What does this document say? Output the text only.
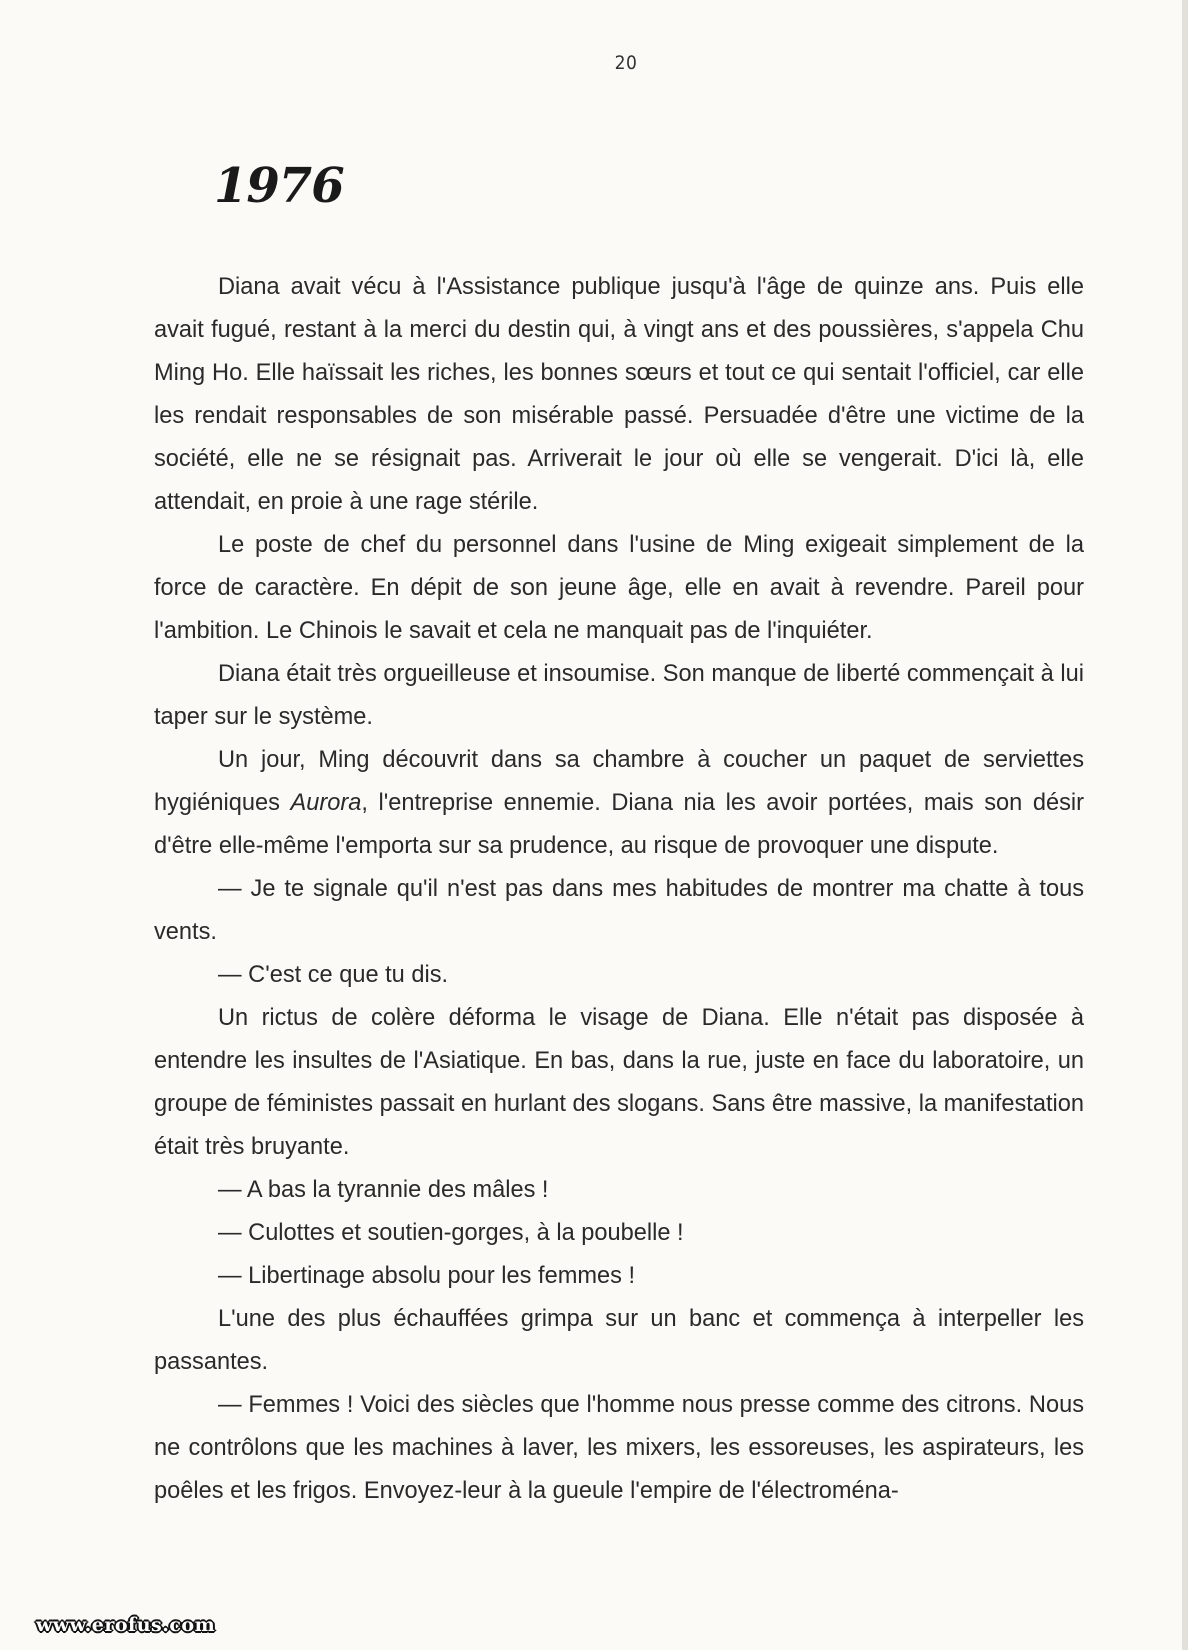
20
1976

Diana avait vécu à l'Assistance publique jusqu'à l'âge de quinze ans. Puis elle avait fugué, restant à la merci du destin qui, à vingt ans et des poussières, s'appela Chu Ming Ho. Elle haïssait les riches, les bonnes sœurs et tout ce qui sentait l'officiel, car elle les rendait responsables de son misérable passé. Persuadée d'être une victime de la société, elle ne se résignait pas. Arriverait le jour où elle se vengerait. D'ici là, elle attendait, en proie à une rage stérile.

Le poste de chef du personnel dans l'usine de Ming exigeait simplement de la force de caractère. En dépit de son jeune âge, elle en avait à revendre. Pareil pour l'ambition. Le Chinois le savait et cela ne manquait pas de l'inquiéter.

Diana était très orgueilleuse et insoumise. Son manque de liberté commençait à lui taper sur le système.

Un jour, Ming découvrit dans sa chambre à coucher un paquet de serviettes hygiéniques Aurora, l'entreprise ennemie. Diana nia les avoir portées, mais son désir d'être elle-même l'emporta sur sa prudence, au risque de provoquer une dispute.

— Je te signale qu'il n'est pas dans mes habitudes de montrer ma chatte à tous vents.

— C'est ce que tu dis.

Un rictus de colère déforma le visage de Diana. Elle n'était pas disposée à entendre les insultes de l'Asiatique. En bas, dans la rue, juste en face du laboratoire, un groupe de féministes passait en hurlant des slogans. Sans être massive, la manifestation était très bruyante.

— A bas la tyrannie des mâles !

— Culottes et soutien-gorges, à la poubelle !

— Libertinage absolu pour les femmes !

L'une des plus échauffées grimpa sur un banc et commença à interpeller les passantes.

— Femmes ! Voici des siècles que l'homme nous presse comme des citrons. Nous ne contrôlons que les machines à laver, les mixers, les essoreuses, les aspirateurs, les poêles et les frigos. Envoyez-leur à la gueule l'empire de l'électroména-

www.erofus.com
